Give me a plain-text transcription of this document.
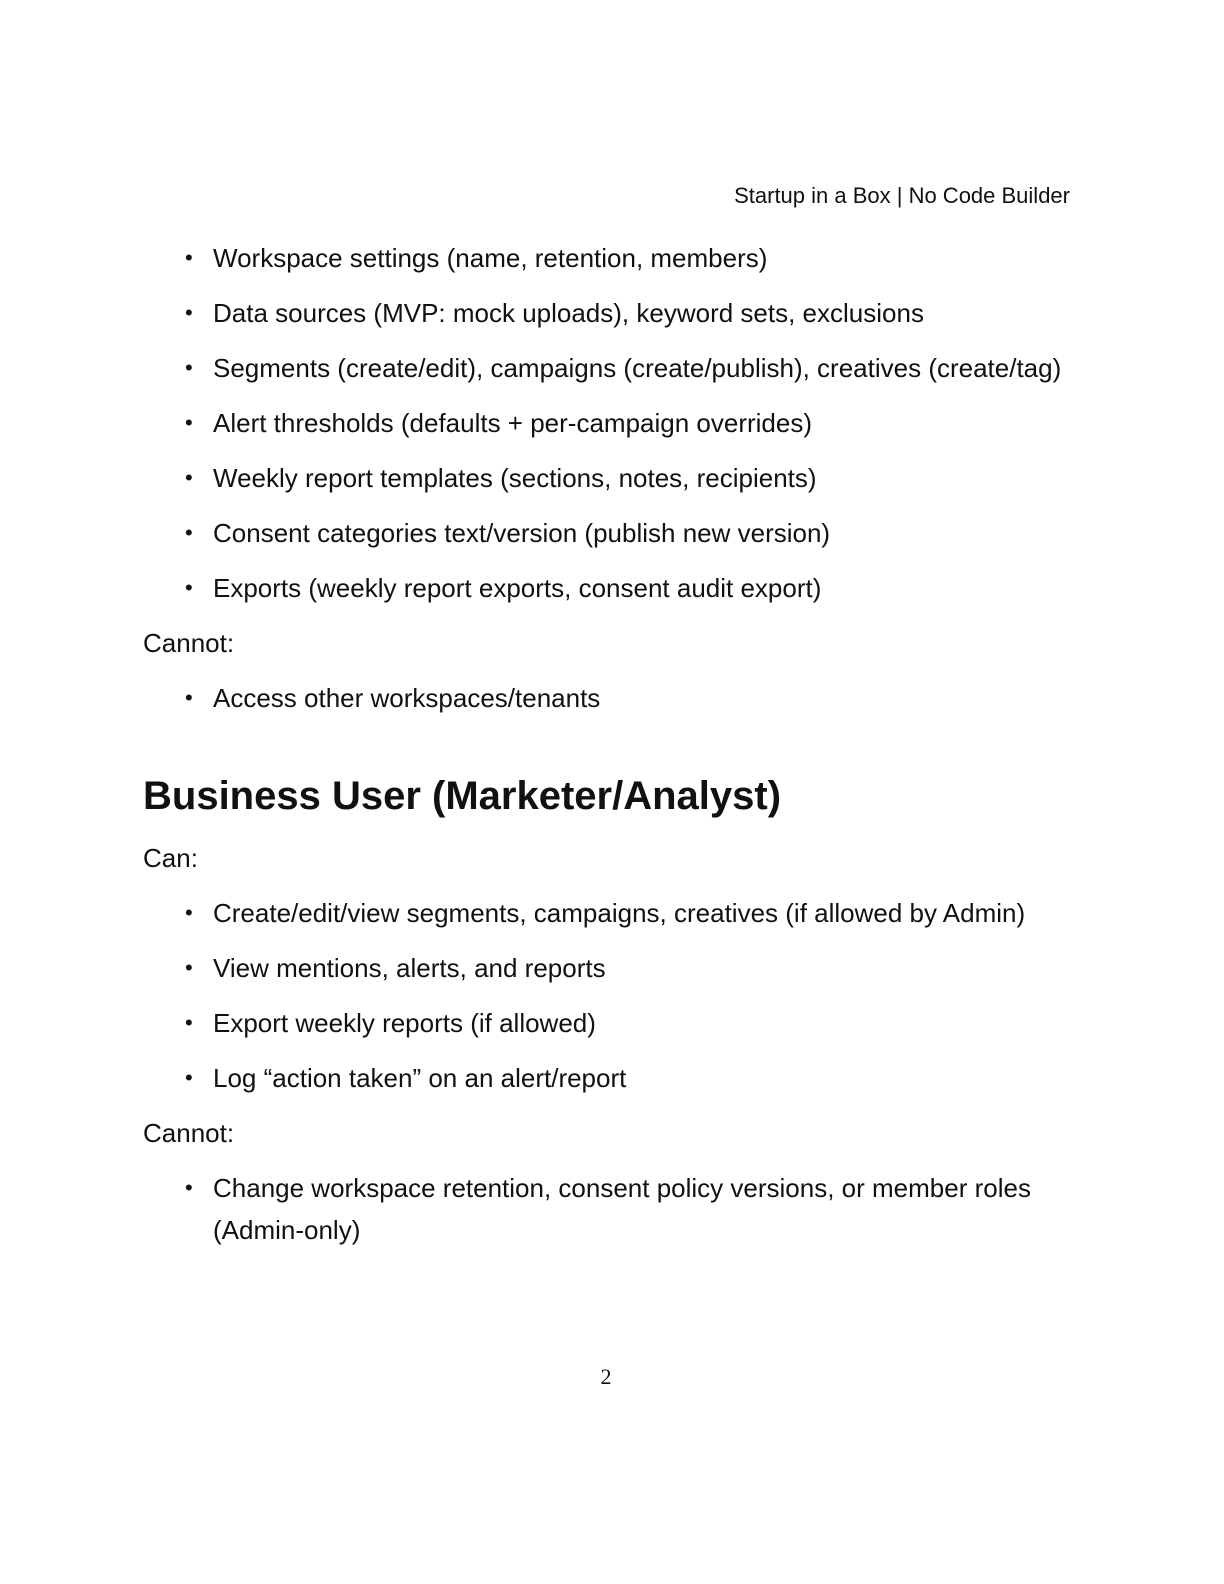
Startup in a Box | No Code Builder
• Workspace settings (name, retention, members)
• Data sources (MVP: mock uploads), keyword sets, exclusions
• Segments (create/edit), campaigns (create/publish), creatives (create/tag)
• Alert thresholds (defaults + per-campaign overrides)
• Weekly report templates (sections, notes, recipients)
• Consent categories text/version (publish new version)
• Exports (weekly report exports, consent audit export)

Cannot:

• Access other workspaces/tenants
Business User (Marketer/Analyst)

Can:

• Create/edit/view segments, campaigns, creatives (if allowed by Admin)
• View mentions, alerts, and reports
• Export weekly reports (if allowed)
• Log “action taken” on an alert/report

Cannot:

• Change workspace retention, consent policy versions, or member roles (Admin-only)
2
